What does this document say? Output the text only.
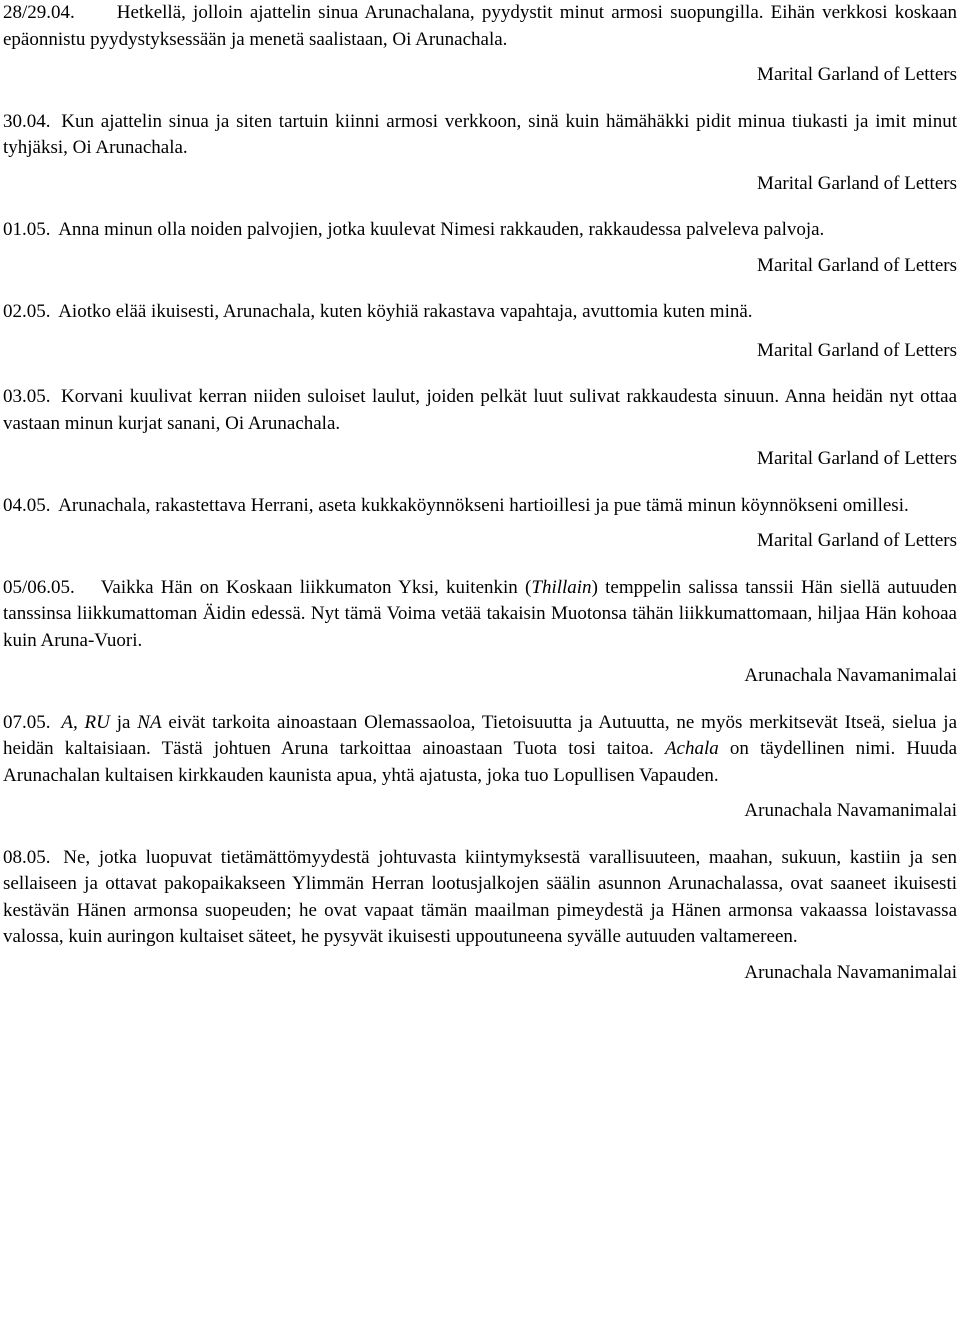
28/29.04. Hetkellä, jolloin ajattelin sinua Arunachalana, pyydystit minut armosi suopungilla. Eihän verkkosi koskaan epäonnistu pyydystyksessään ja menetä saalistaan, Oi Arunachala.

Marital Garland of Letters

30.04. Kun ajattelin sinua ja siten tartuin kiinni armosi verkkoon, sinä kuin hämähäkki pidit minua tiukasti ja imit minut tyhjäksi, Oi Arunachala.

Marital Garland of Letters

01.05. Anna minun olla noiden palvojien, jotka kuulevat Nimesi rakkauden, rakkaudessa palveleva palvoja.

Marital Garland of Letters

02.05. Aiotko elää ikuisesti, Arunachala, kuten köyhiä rakastava vapahtaja, avuttomia kuten minä.

Marital Garland of Letters

03.05. Korvani kuulivat kerran niiden suloiset laulut, joiden pelkät luut sulivat rakkaudesta sinuun. Anna heidän nyt ottaa vastaan minun kurjat sanani, Oi Arunachala.

Marital Garland of Letters

04.05. Arunachala, rakastettava Herrani, aseta kukkaköynnökseni hartioillesi ja pue tämä minun köynnökseni omillesi.

Marital Garland of Letters

05/06.05. Vaikka Hän on Koskaan liikkumaton Yksi, kuitenkin (Thillain) temppelin salissa tanssii Hän siellä autuuden tanssinsa liikkumattoman Äidin edessä. Nyt tämä Voima vetää takaisin Muotonsa tähän liikkumattomaan, hiljaa Hän kohoaa kuin Aruna-Vuori.

Arunachala Navamanimalai

07.05. A, RU ja NA eivät tarkoita ainoastaan Olemassaoloa, Tietoisuutta ja Autuutta, ne myös merkitsevät Itseä, sielua ja heidän kaltaisiaan. Tästä johtuen Aruna tarkoittaa ainoastaan Tuota tosi taitoa. Achala on täydellinen nimi. Huuda Arunachalan kultaisen kirkkauden kaunista apua, yhtä ajatusta, joka tuo Lopullisen Vapauden.

Arunachala Navamanimalai

08.05. Ne, jotka luopuvat tietämättömyydestä johtuvasta kiintymyksestä varallisuuteen, maahan, sukuun, kastiin ja sen sellaiseen ja ottavat pakopaikakseen Ylimmän Herran lootusjalkojen säälin asunnon Arunachalassa, ovat saaneet ikuisesti kestävän Hänen armonsa suopeuden; he ovat vapaat tämän maailman pimeydestä ja Hänen armonsa vakaassa loistavassa valossa, kuin auringon kultaiset säteet, he pysyvät ikuisesti uppoutuneena syvälle autuuden valtamereen.

Arunachala Navamanimalai
